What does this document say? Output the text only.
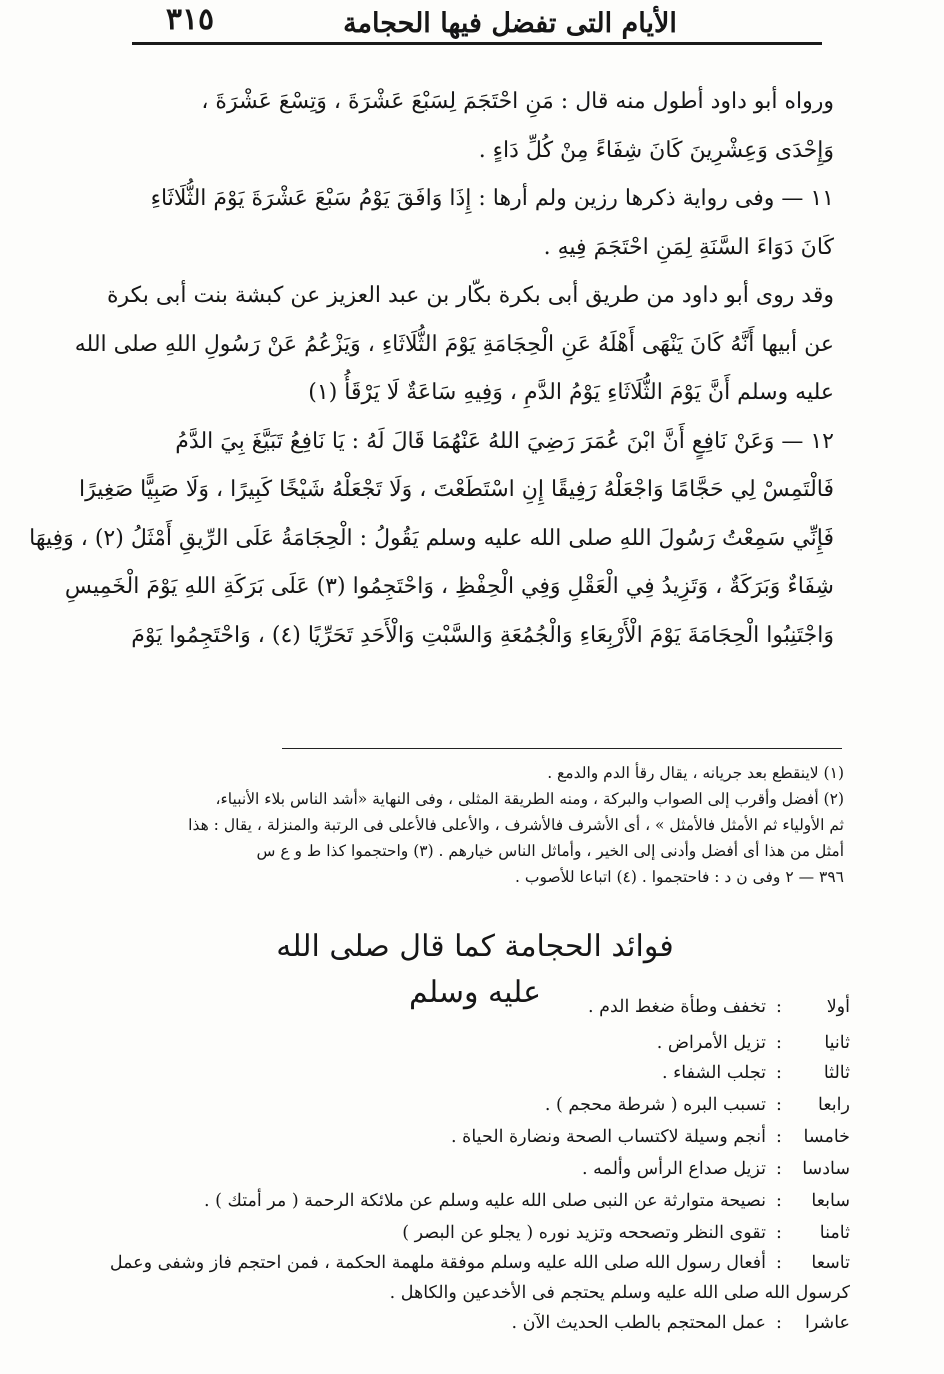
الأيام التى تفضل فيها الحجامة
٣١٥
ورواه أبو داود أطول منه قال : مَنِ احْتَجَمَ لِسَبْعَ عَشْرَةَ ، وَتِسْعَ عَشْرَةَ ،
وَإِحْدَى وَعِشْرِينَ كَانَ شِفَاءً مِنْ كُلِّ دَاءٍ .
١١ — وفى رواية ذكرها رزين ولم أرها : إِذَا وَافَقَ يَوْمُ سَبْعَ عَشْرَةَ يَوْمَ الثُّلَاثَاءِ
كَانَ دَوَاءَ السَّنَةِ لِمَنِ احْتَجَمَ فِيهِ .
وقد روى أبو داود من طريق أبى بكرة بكّار بن عبد العزيز عن كبشة بنت أبى بكرة
عن أبيها أَنَّهُ كَانَ يَنْهَى أَهْلَهُ عَنِ الْحِجَامَةِ يَوْمَ الثُّلَاثَاءِ ، وَيَزْعُمُ عَنْ رَسُولِ اللهِ صلى الله
عليه وسلم أَنَّ يَوْمَ الثُّلَاثَاءِ يَوْمُ الدَّمِ ، وَفِيهِ سَاعَةٌ لَا يَرْقَأُ (١)
١٢ — وَعَنْ نَافِعٍ أَنَّ ابْنَ عُمَرَ رَضِيَ اللهُ عَنْهُمَا قَالَ لَهُ : يَا نَافِعُ تَبَيَّغَ بِيَ الدَّمُ
فَالْتَمِسْ لِي حَجَّامًا وَاجْعَلْهُ رَفِيقًا إِنِ اسْتَطَعْتَ ، وَلَا تَجْعَلْهُ شَيْخًا كَبِيرًا ، وَلَا صَبِيًّا صَغِيرًا
فَإِنِّي سَمِعْتُ رَسُولَ اللهِ صلى الله عليه وسلم يَقُولُ : الْحِجَامَةُ عَلَى الرِّيقِ أَمْثَلُ (٢) ، وَفِيهَا
شِفَاءٌ وَبَرَكَةٌ ، وَتَزِيدُ فِي الْعَقْلِ وَفِي الْحِفْظِ ، وَاحْتَجِمُوا (٣) عَلَى بَرَكَةِ اللهِ يَوْمَ الْخَمِيسِ
وَاجْتَنِبُوا الْحِجَامَةَ يَوْمَ الْأَرْبِعَاءِ وَالْجُمُعَةِ وَالسَّبْتِ وَالْأَحَدِ تَحَرِّيًا (٤) ، وَاحْتَجِمُوا يَوْمَ
(١) لاينقطع بعد جريانه ، يقال رقأ الدم والدمع .
(٢) أفضل وأقرب إلى الصواب والبركة ، ومنه الطريقة المثلى ، وفى النهاية «أشد الناس بلاء الأنبياء،
ثم الأولياء ثم الأمثل فالأمثل » ، أى الأشرف فالأشرف ، والأعلى فالأعلى فى الرتبة والمنزلة ، يقال : هذا
أمثل من هذا أى أفضل وأدنى إلى الخير ، وأماثل الناس خيارهم . (٣) واحتجموا كذا ط و ع س
٣٩٦ — ٢ وفى ن د : فاحتجموا . (٤) اتباعا للأصوب .
فوائد الحجامة كما قال صلى الله عليه وسلم	أولا:تخفف وطأة ضغط الدم .
ثانيا:تزيل الأمراض .
ثالثا:تجلب الشفاء .
رابعا:تسبب البره ( شرطة محجم ) .
خامسا:أنجم وسيلة لاكتساب الصحة ونضارة الحياة .
سادسا:تزيل صداع الرأس وألمه .
سابعا:نصيحة متوارثة عن النبى صلى الله عليه وسلم عن ملائكة الرحمة ( مر أمتك ) .
ثامنا:تقوى النظر وتصححه وتزيد نوره ( يجلو عن البصر )
تاسعا:أفعال رسول الله صلى الله عليه وسلم موفقة ملهمة الحكمة ، فمن احتجم فاز وشفى وعمل
كرسول الله صلى الله عليه وسلم يحتجم فى الأخدعين والكاهل .
عاشرا:عمل المحتجم بالطب الحديث الآن .
